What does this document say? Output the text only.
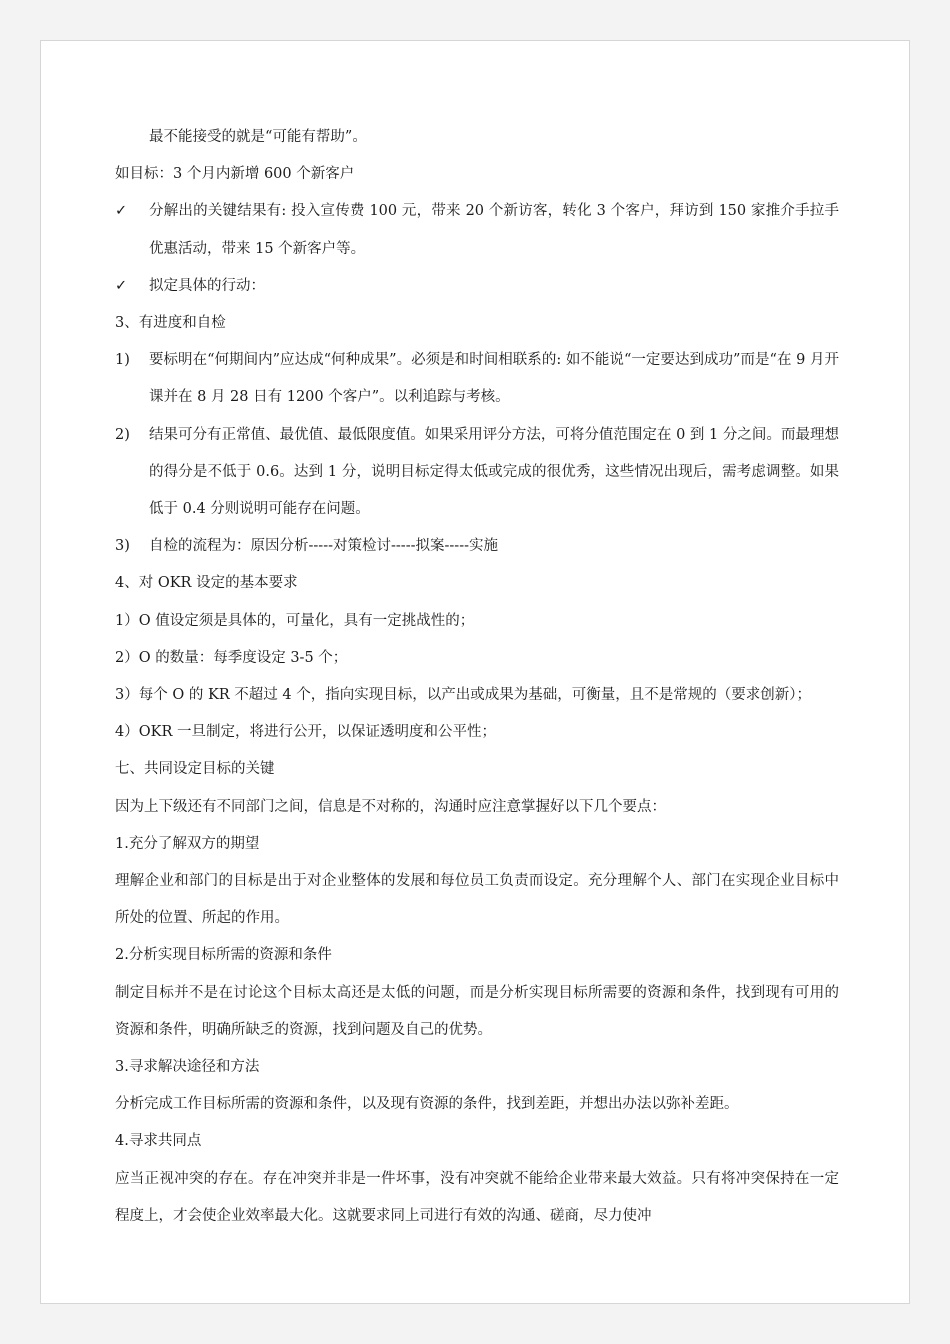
最不能接受的就是“可能有帮助”。
如目标：3 个月内新增 600 个新客户
✓	分解出的关键结果有: 投入宣传费 100 元，带来 20 个新访客，转化 3 个客户，拜访到 150 家推介手拉手优惠活动，带来 15 个新客户等。
✓	拟定具体的行动：
3、有进度和自检
1)	要标明在“何期间内”应达成“何种成果”。必须是和时间相联系的: 如不能说“一定要达到成功”而是“在 9 月开课并在 8 月 28 日有 1200 个客户”。以利追踪与考核。
2)	结果可分有正常值、最优值、最低限度值。如果采用评分方法，可将分值范围定在 0 到 1 分之间。而最理想的得分是不低于 0.6。达到 1 分，说明目标定得太低或完成的很优秀，这些情况出现后，需考虑调整。如果低于 0.4 分则说明可能存在问题。
3)	自检的流程为：原因分析-----对策检讨-----拟案-----实施
4、对 OKR 设定的基本要求
1）O 值设定须是具体的，可量化，具有一定挑战性的；
2）O 的数量：每季度设定 3-5 个；
3）每个 O 的 KR 不超过 4 个，指向实现目标，以产出或成果为基础，可衡量，且不是常规的（要求创新）；
4）OKR 一旦制定，将进行公开，以保证透明度和公平性；
七、共同设定目标的关键
因为上下级还有不同部门之间，信息是不对称的，沟通时应注意掌握好以下几个要点：
1.充分了解双方的期望
理解企业和部门的目标是出于对企业整体的发展和每位员工负责而设定。充分理解个人、部门在实现企业目标中所处的位置、所起的作用。
2.分析实现目标所需的资源和条件
制定目标并不是在讨论这个目标太高还是太低的问题，而是分析实现目标所需要的资源和条件，找到现有可用的资源和条件，明确所缺乏的资源，找到问题及自己的优势。
3.寻求解决途径和方法
分析完成工作目标所需的资源和条件，以及现有资源的条件，找到差距，并想出办法以弥补差距。
4.寻求共同点
应当正视冲突的存在。存在冲突并非是一件坏事，没有冲突就不能给企业带来最大效益。只有将冲突保持在一定程度上，才会使企业效率最大化。这就要求同上司进行有效的沟通、磋商，尽力使冲
